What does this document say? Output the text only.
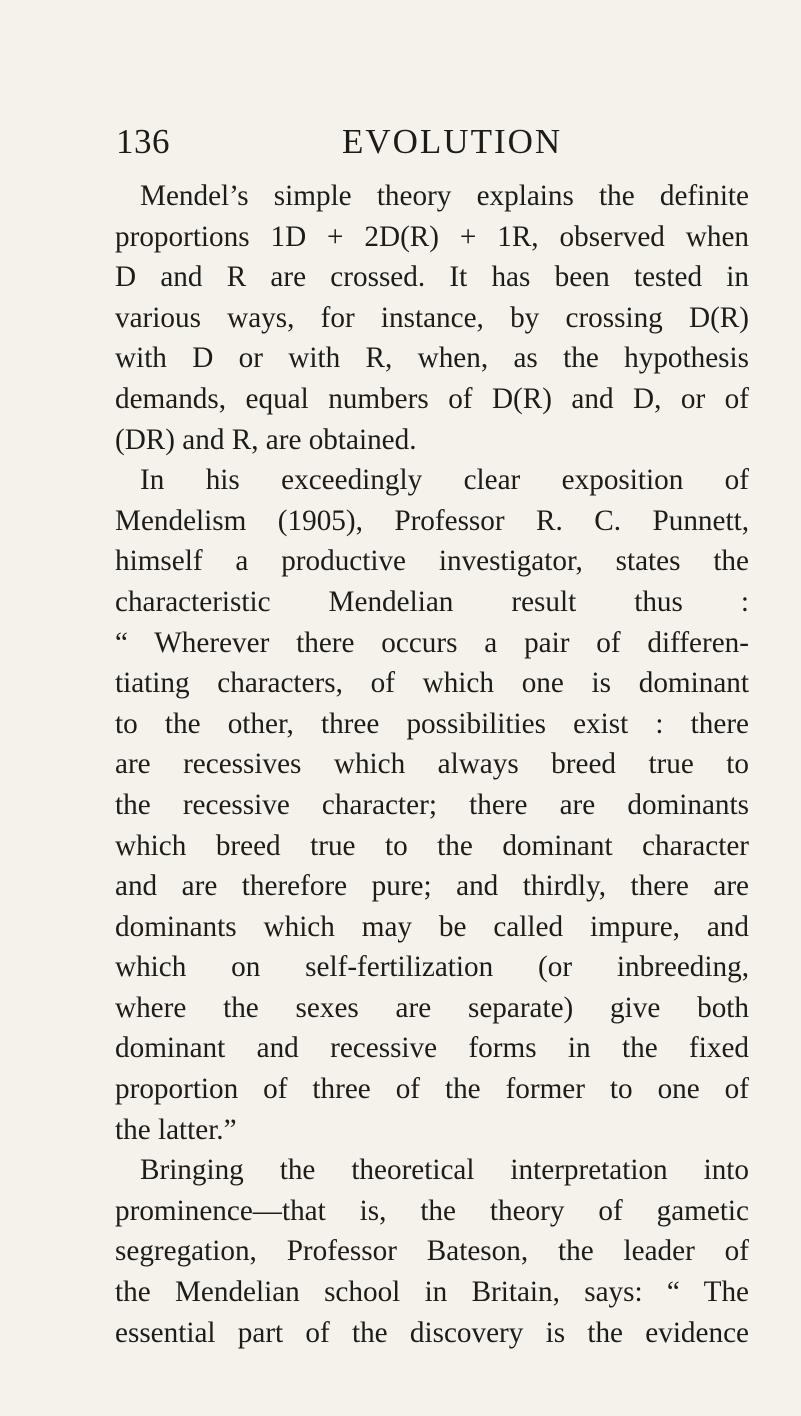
136	EVOLUTION
Mendel’s simple theory explains the definite
proportions 1D + 2D(R) + 1R, observed when
D and R are crossed. It has been tested in
various ways, for instance, by crossing D(R)
with D or with R, when, as the hypothesis
demands, equal numbers of D(R) and D, or of
(DR) and R, are obtained.
In his exceedingly clear exposition of
Mendelism (1905), Professor R. C. Punnett,
himself a productive investigator, states the
characteristic Mendelian result thus :
“ Wherever there occurs a pair of differen-
tiating characters, of which one is dominant
to the other, three possibilities exist : there
are recessives which always breed true to
the recessive character; there are dominants
which breed true to the dominant character
and are therefore pure; and thirdly, there are
dominants which may be called impure, and
which on self-fertilization (or inbreeding,
where the sexes are separate) give both
dominant and recessive forms in the fixed
proportion of three of the former to one of
the latter.”
Bringing the theoretical interpretation into
prominence—that is, the theory of gametic
segregation, Professor Bateson, the leader of
the Mendelian school in Britain, says: “ The
essential part of the discovery is the evidence
